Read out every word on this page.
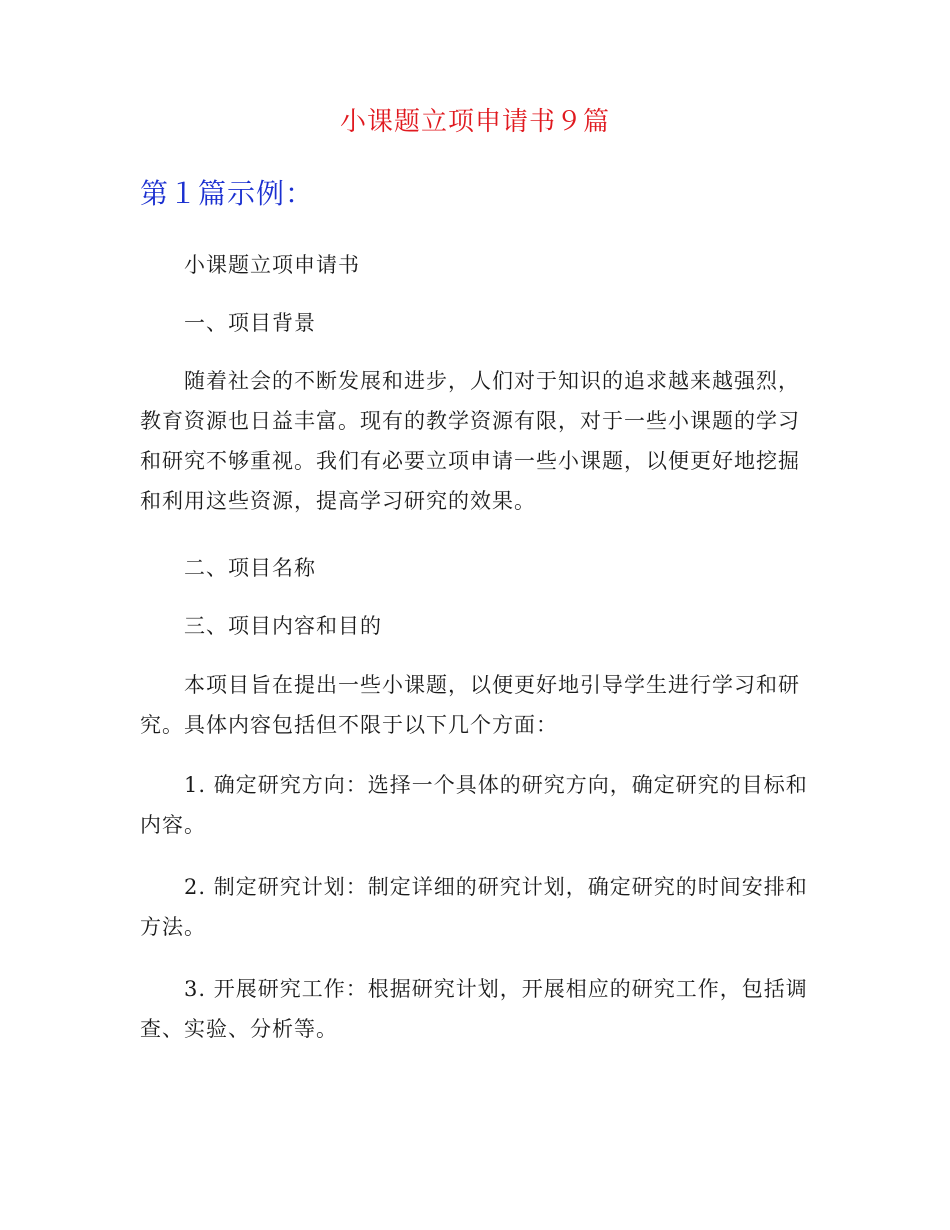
小课题立项申请书９篇
第１篇示例：

小课题立项申请书

一、项目背景

随着社会的不断发展和进步，人们对于知识的追求越来越强烈，教育资源也日益丰富。现有的教学资源有限，对于一些小课题的学习和研究不够重视。我们有必要立项申请一些小课题，以便更好地挖掘和利用这些资源，提高学习研究的效果。

二、项目名称

三、项目内容和目的

本项目旨在提出一些小课题，以便更好地引导学生进行学习和研究。具体内容包括但不限于以下几个方面：

1. 确定研究方向：选择一个具体的研究方向，确定研究的目标和内容。

2. 制定研究计划：制定详细的研究计划，确定研究的时间安排和方法。

3. 开展研究工作：根据研究计划，开展相应的研究工作，包括调查、实验、分析等。
